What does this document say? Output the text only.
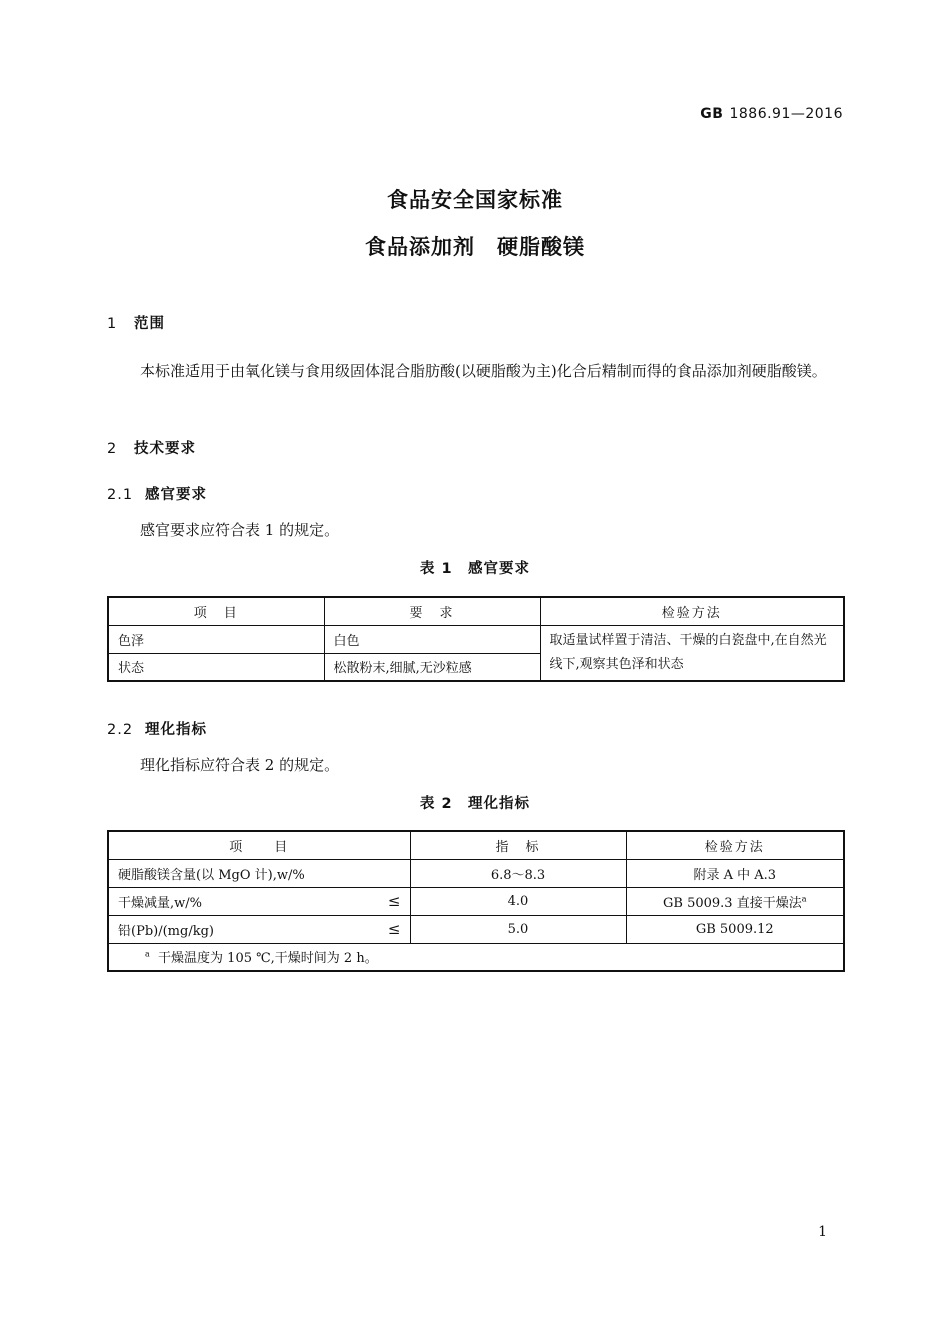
GB 1886.91—2016
食品安全国家标准
食品添加剂　硬脂酸镁
1 范围
本标准适用于由氧化镁与食用级固体混合脂肪酸(以硬脂酸为主)化合后精制而得的食品添加剂硬脂酸镁。
2 技术要求
2.1 感官要求
感官要求应符合表 1 的规定。
表 1　感官要求
项　目	要　求	检验方法
色泽	白色	取适量试样置于清洁、干燥的白瓷盘中,在自然光线下,观察其色泽和状态
状态	松散粉末,细腻,无沙粒感	
2.2 理化指标
理化指标应符合表 2 的规定。
表 2　理化指标
项　　目	指　标	检验方法
硬脂酸镁含量(以 MgO 计),w/%	6.8～8.3	附录 A 中 A.3
干燥减量,w/% ≤	4.0	GB 5009.3 直接干燥法$^a$
铅(Pb)/(mg/kg) ≤	5.0	GB 5009.12
$^a$ 干燥温度为 105 ℃,干燥时间为 2 h。		
1
